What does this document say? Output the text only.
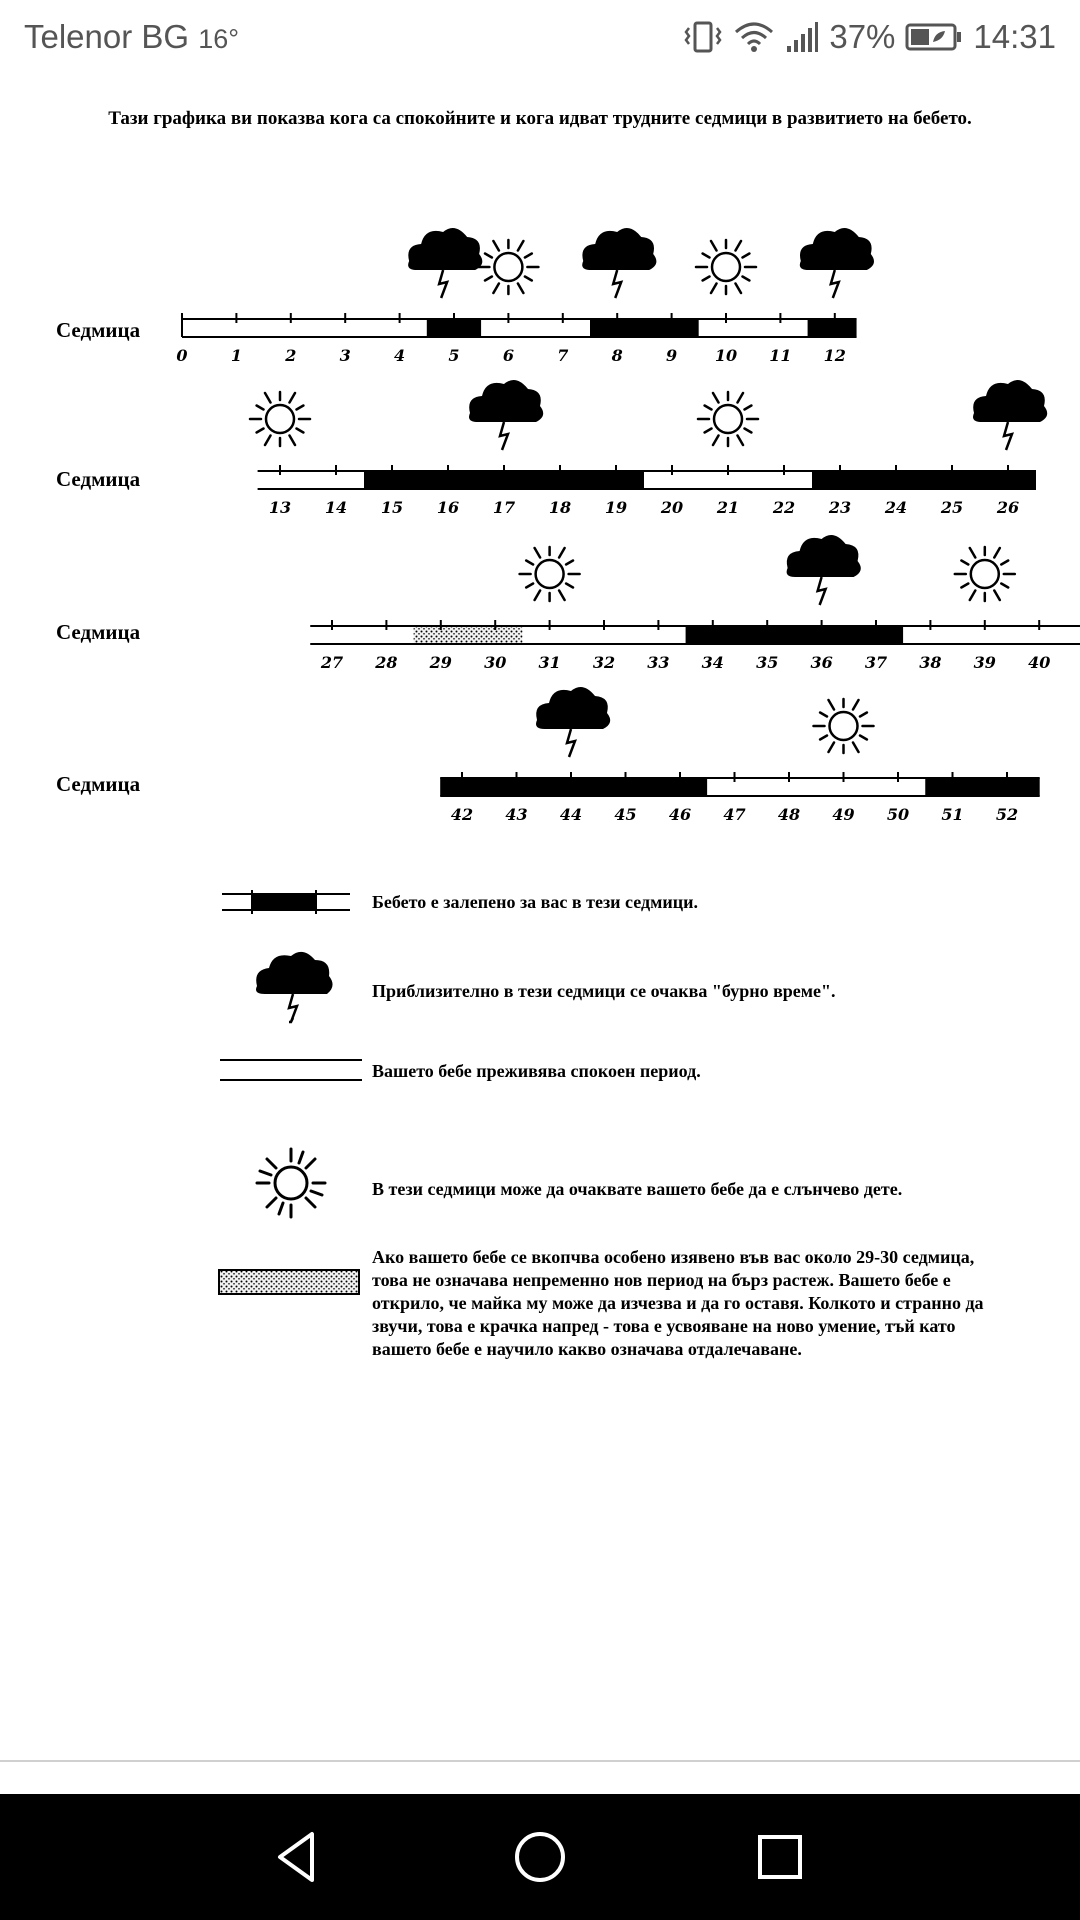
Telenor BG 16°	37% 14:31
Тази графика ви показва кога са спокойните и кога идват трудните седмици в развитието на бебето.
Седмица
Седмица
Седмица
Седмица
0	1	2	3	4	5	6	7	8	9 10 11 12
13 14 15 16 17 18 19 20 21 22 23 24 25 26
27 28 29 30 31 32 33 34 35 36 37 38 39 40
42 43 44 45 46 47 48 49 50 51 52
Бебето е залепено за вас в тези седмици.
Приблизително в тези седмици се очаква "бурно време".
Вашето бебе преживява спокоен период.
В тези седмици може да очаквате вашето бебе да е слънчево дете.
Ако вашето бебе се вкопчва особено изявено във вас около 29-30 седмица, това не означава непременно нов период на бърз растеж. Вашето бебе е открило, че майка му може да изчезва и да го оставя. Колкото и странно да звучи, това е крачка напред - това е усвояване на ново умение, тъй като вашето бебе е научило какво означава отдалечаване.
